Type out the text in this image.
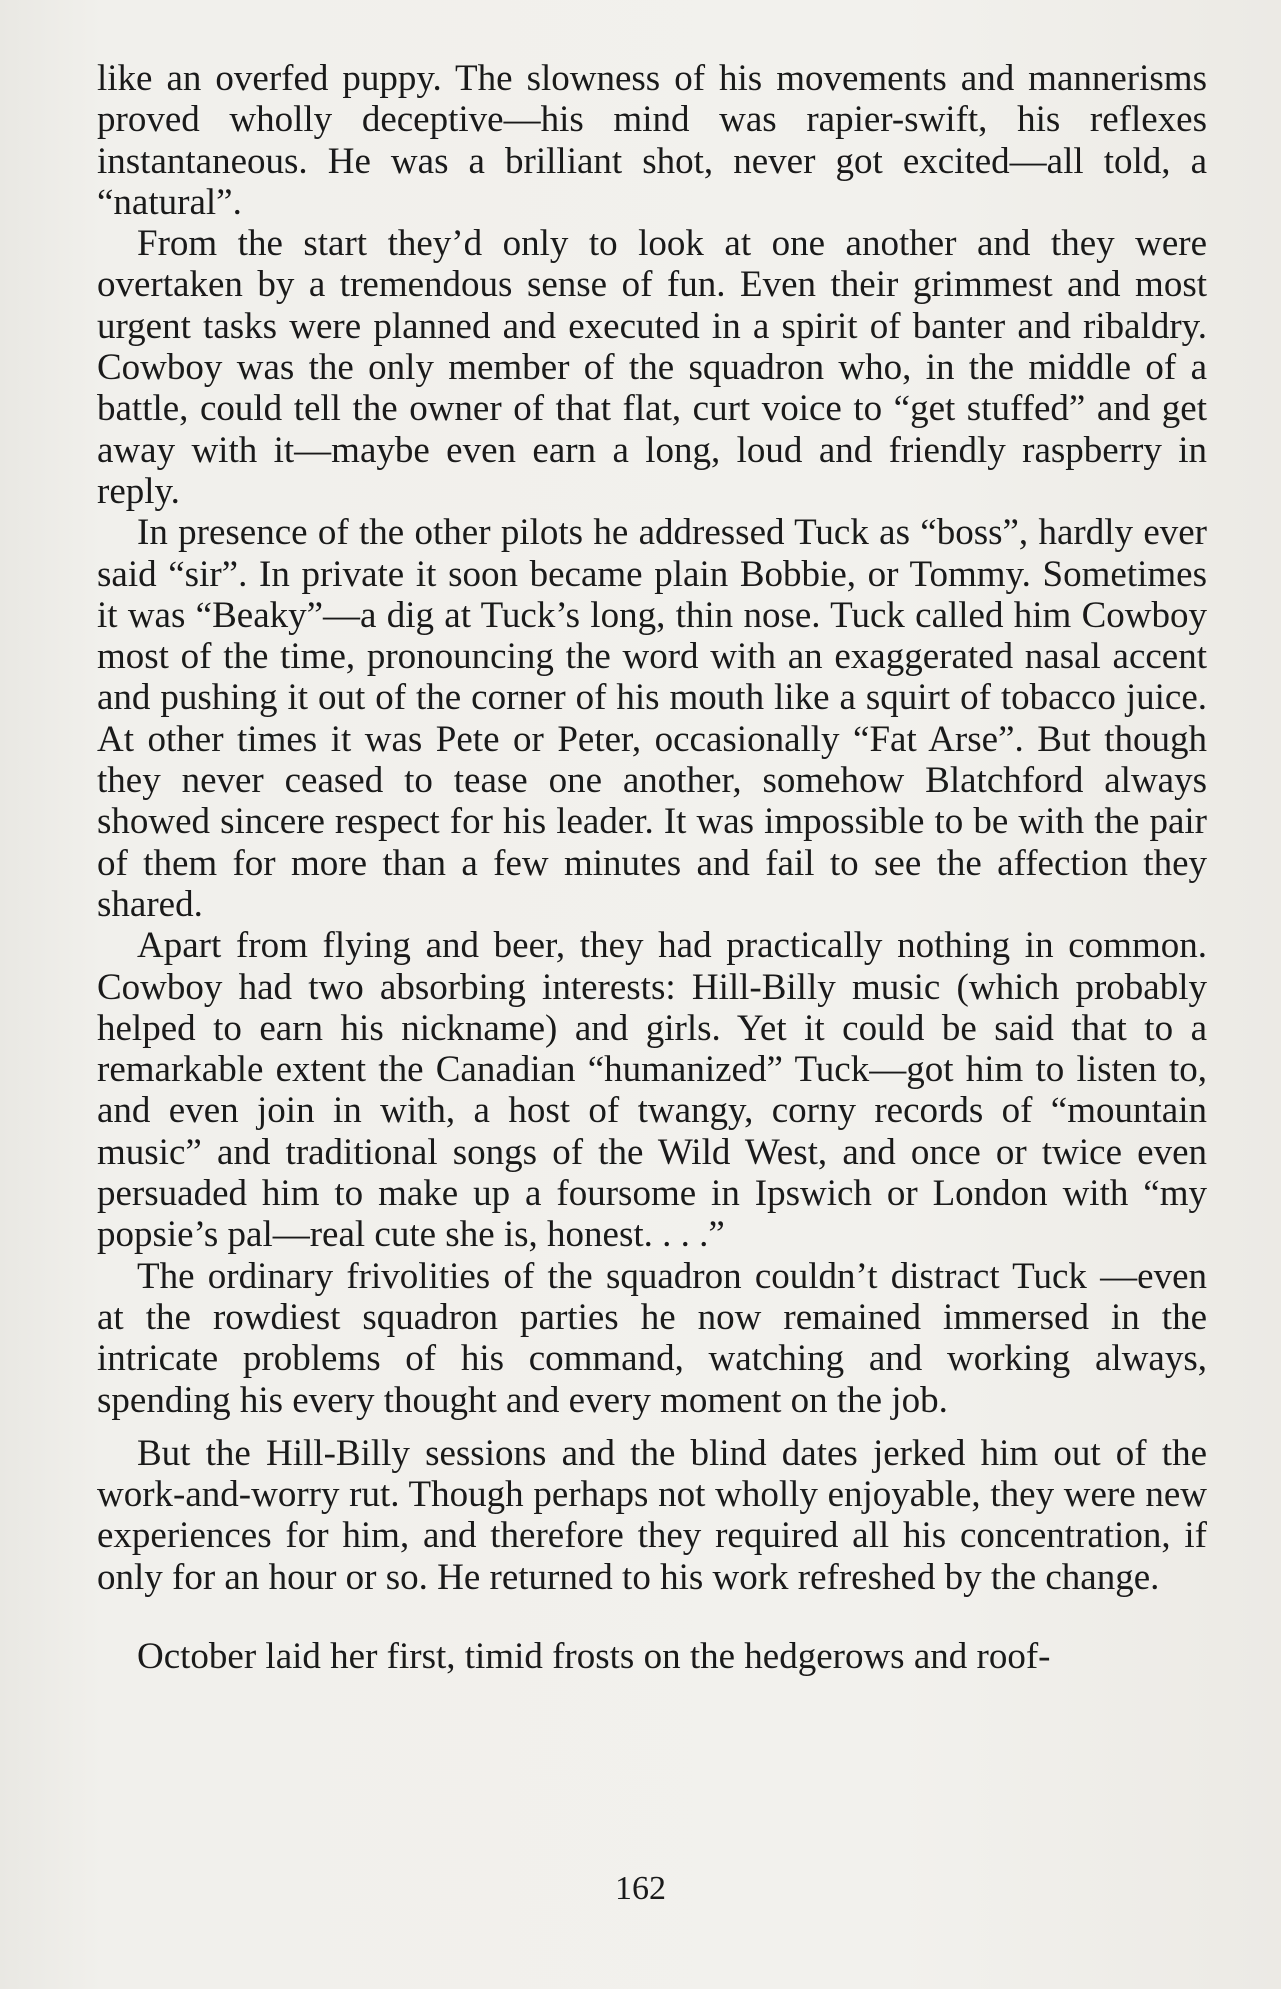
like an overfed puppy. The slowness of his movements and mannerisms proved wholly deceptive—his mind was rapier-swift, his reflexes instantaneous. He was a brilliant shot, never got excited—all told, a “natural”.

From the start they’d only to look at one another and they were overtaken by a tremendous sense of fun. Even their grimmest and most urgent tasks were planned and executed in a spirit of banter and ribaldry. Cowboy was the only member of the squadron who, in the middle of a battle, could tell the owner of that flat, curt voice to “get stuffed” and get away with it—maybe even earn a long, loud and friendly raspberry in reply.

In presence of the other pilots he addressed Tuck as “boss”, hardly ever said “sir”. In private it soon became plain Bobbie, or Tommy. Sometimes it was “Beaky”—a dig at Tuck’s long, thin nose. Tuck called him Cowboy most of the time, pronouncing the word with an exaggerated nasal accent and pushing it out of the corner of his mouth like a squirt of tobacco juice. At other times it was Pete or Peter, occasionally “Fat Arse”. But though they never ceased to tease one another, somehow Blatchford always showed sincere respect for his leader. It was impossible to be with the pair of them for more than a few minutes and fail to see the affection they shared.

Apart from flying and beer, they had practically nothing in common. Cowboy had two absorbing interests: Hill-Billy music (which probably helped to earn his nickname) and girls. Yet it could be said that to a remarkable extent the Canadian “humanized” Tuck—got him to listen to, and even join in with, a host of twangy, corny records of “mountain music” and traditional songs of the Wild West, and once or twice even persuaded him to make up a foursome in Ipswich or London with “my popsie’s pal—real cute she is, honest. . . .”

The ordinary frivolities of the squadron couldn’t distract Tuck —even at the rowdiest squadron parties he now remained immersed in the intricate problems of his command, watching and working always, spending his every thought and every moment on the job.

But the Hill-Billy sessions and the blind dates jerked him out of the work-and-worry rut. Though perhaps not wholly enjoyable, they were new experiences for him, and therefore they required all his concentration, if only for an hour or so. He returned to his work refreshed by the change.

October laid her first, timid frosts on the hedgerows and roof-

162
